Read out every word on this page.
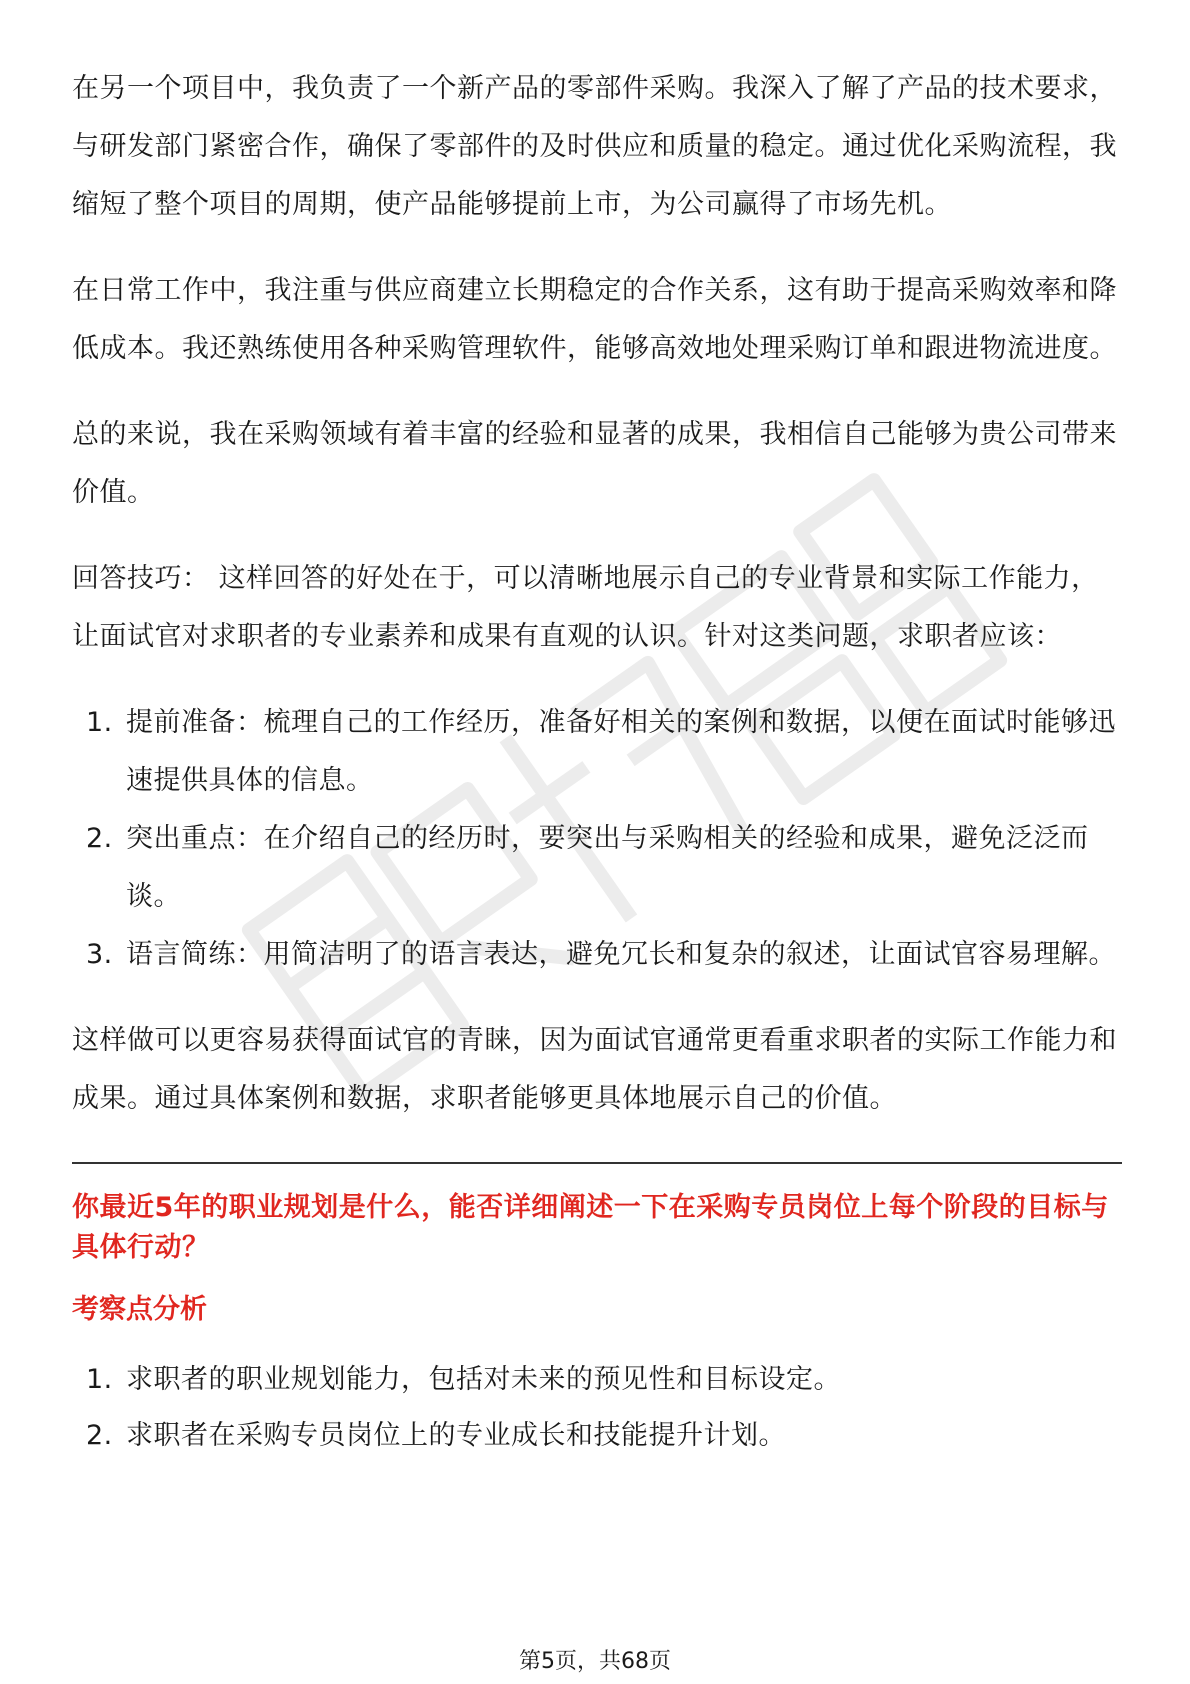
在另一个项目中，我负责了一个新产品的零部件采购。我深入了解了产品的技术要求，与研发部门紧密合作，确保了零部件的及时供应和质量的稳定。通过优化采购流程，我缩短了整个项目的周期，使产品能够提前上市，为公司赢得了市场先机。

在日常工作中，我注重与供应商建立长期稳定的合作关系，这有助于提高采购效率和降低成本。我还熟练使用各种采购管理软件，能够高效地处理采购订单和跟进物流进度。

总的来说，我在采购领域有着丰富的经验和显著的成果，我相信自己能够为贵公司带来价值。

回答技巧： 这样回答的好处在于，可以清晰地展示自己的专业背景和实际工作能力，让面试官对求职者的专业素养和成果有直观的认识。针对这类问题，求职者应该：

1. 提前准备：梳理自己的工作经历，准备好相关的案例和数据，以便在面试时能够迅速提供具体的信息。
2. 突出重点：在介绍自己的经历时，要突出与采购相关的经验和成果，避免泛泛而谈。
3. 语言简练：用简洁明了的语言表达，避免冗长和复杂的叙述，让面试官容易理解。

这样做可以更容易获得面试官的青睐，因为面试官通常更看重求职者的实际工作能力和成果。通过具体案例和数据，求职者能够更具体地展示自己的价值。

你最近5年的职业规划是什么，能否详细阐述一下在采购专员岗位上每个阶段的目标与具体行动？
考察点分析
1. 求职者的职业规划能力，包括对未来的预见性和目标设定。
2. 求职者在采购专员岗位上的专业成长和技能提升计划。
第5页，共68页
